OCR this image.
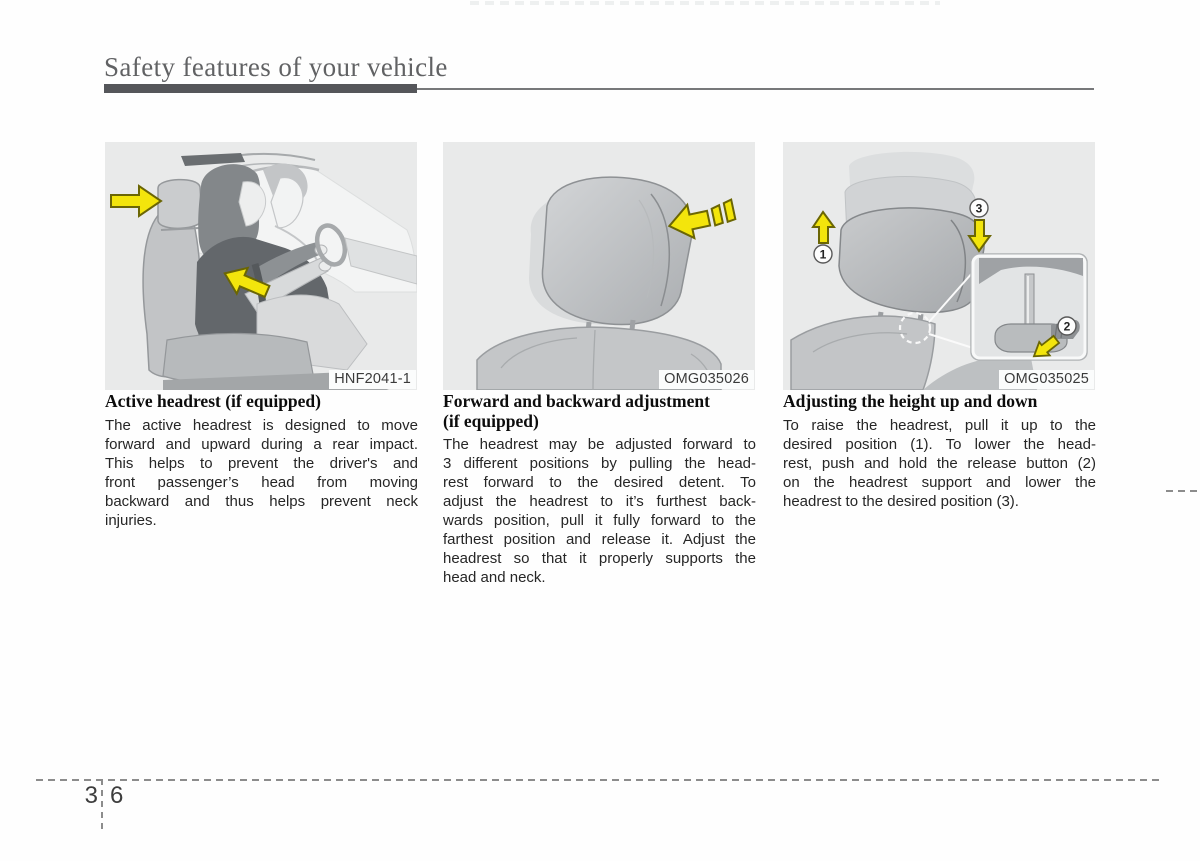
Safety features of your vehicle
HNF2041-1	OMG035026
1
3
2
OMG035025
Active headrest (if equipped)
The active headrest is designed to move
forward and upward during a rear impact.
This helps to prevent the driver's and
front passenger’s head from moving
backward and thus helps prevent neck
injuries.
Forward and backward adjustment
(if equipped)
The headrest may be adjusted forward to
3 different positions by pulling the head-
rest forward to the desired detent. To
adjust the headrest to it’s furthest back-
wards position, pull it fully forward to the
farthest position and release it. Adjust the
headrest so that it properly supports the
head and neck.
Adjusting the height up and down
To raise the headrest, pull it up to the
desired position (1). To lower the head-
rest, push and hold the release button (2)
on the headrest support and lower the
headrest to the desired position (3).
3 6
